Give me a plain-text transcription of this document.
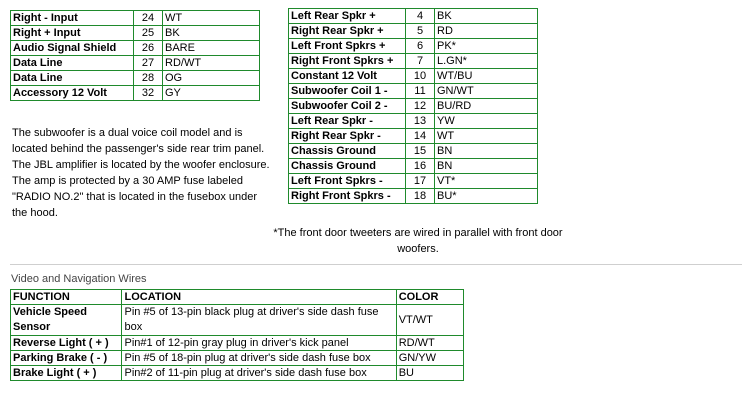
Right - Input	24	WT
Right + Input	25	BK
Audio Signal Shield	26	BARE
Data Line	27	RD/WT
Data Line	28	OG
Accessory 12 Volt	32	GY
The subwoofer is a dual voice coil model and is located behind the passenger's side rear trim panel. The JBL amplifier is located by the woofer enclosure. The amp is protected by a 30 AMP fuse labeled "RADIO NO.2" that is located in the fusebox under the hood.
Left Rear Spkr +	4	BK
Right Rear Spkr +	5	RD
Left Front Spkrs +	6	PK*
Right Front Spkrs +	7	L.GN*
Constant 12 Volt	10	WT/BU
Subwoofer Coil 1 -	11	GN/WT
Subwoofer Coil 2 -	12	BU/RD
Left Rear Spkr -	13	YW
Right Rear Spkr -	14	WT
Chassis Ground	15	BN
Chassis Ground	16	BN
Left Front Spkrs -	17	VT*
Right Front Spkrs -	18	BU*
*The front door tweeters are wired in parallel with front door woofers.
Video and Navigation Wires
FUNCTION	LOCATION	COLOR
Vehicle Speed Sensor	Pin #5 of 13-pin black plug at driver's side dash fuse box	VT/WT
Reverse Light ( + )	Pin#1 of 12-pin gray plug in driver's kick panel	RD/WT
Parking Brake ( - )	Pin #5 of 18-pin plug at driver's side dash fuse box	GN/YW
Brake Light ( + )	Pin#2 of 11-pin plug at driver's side dash fuse box	BU
